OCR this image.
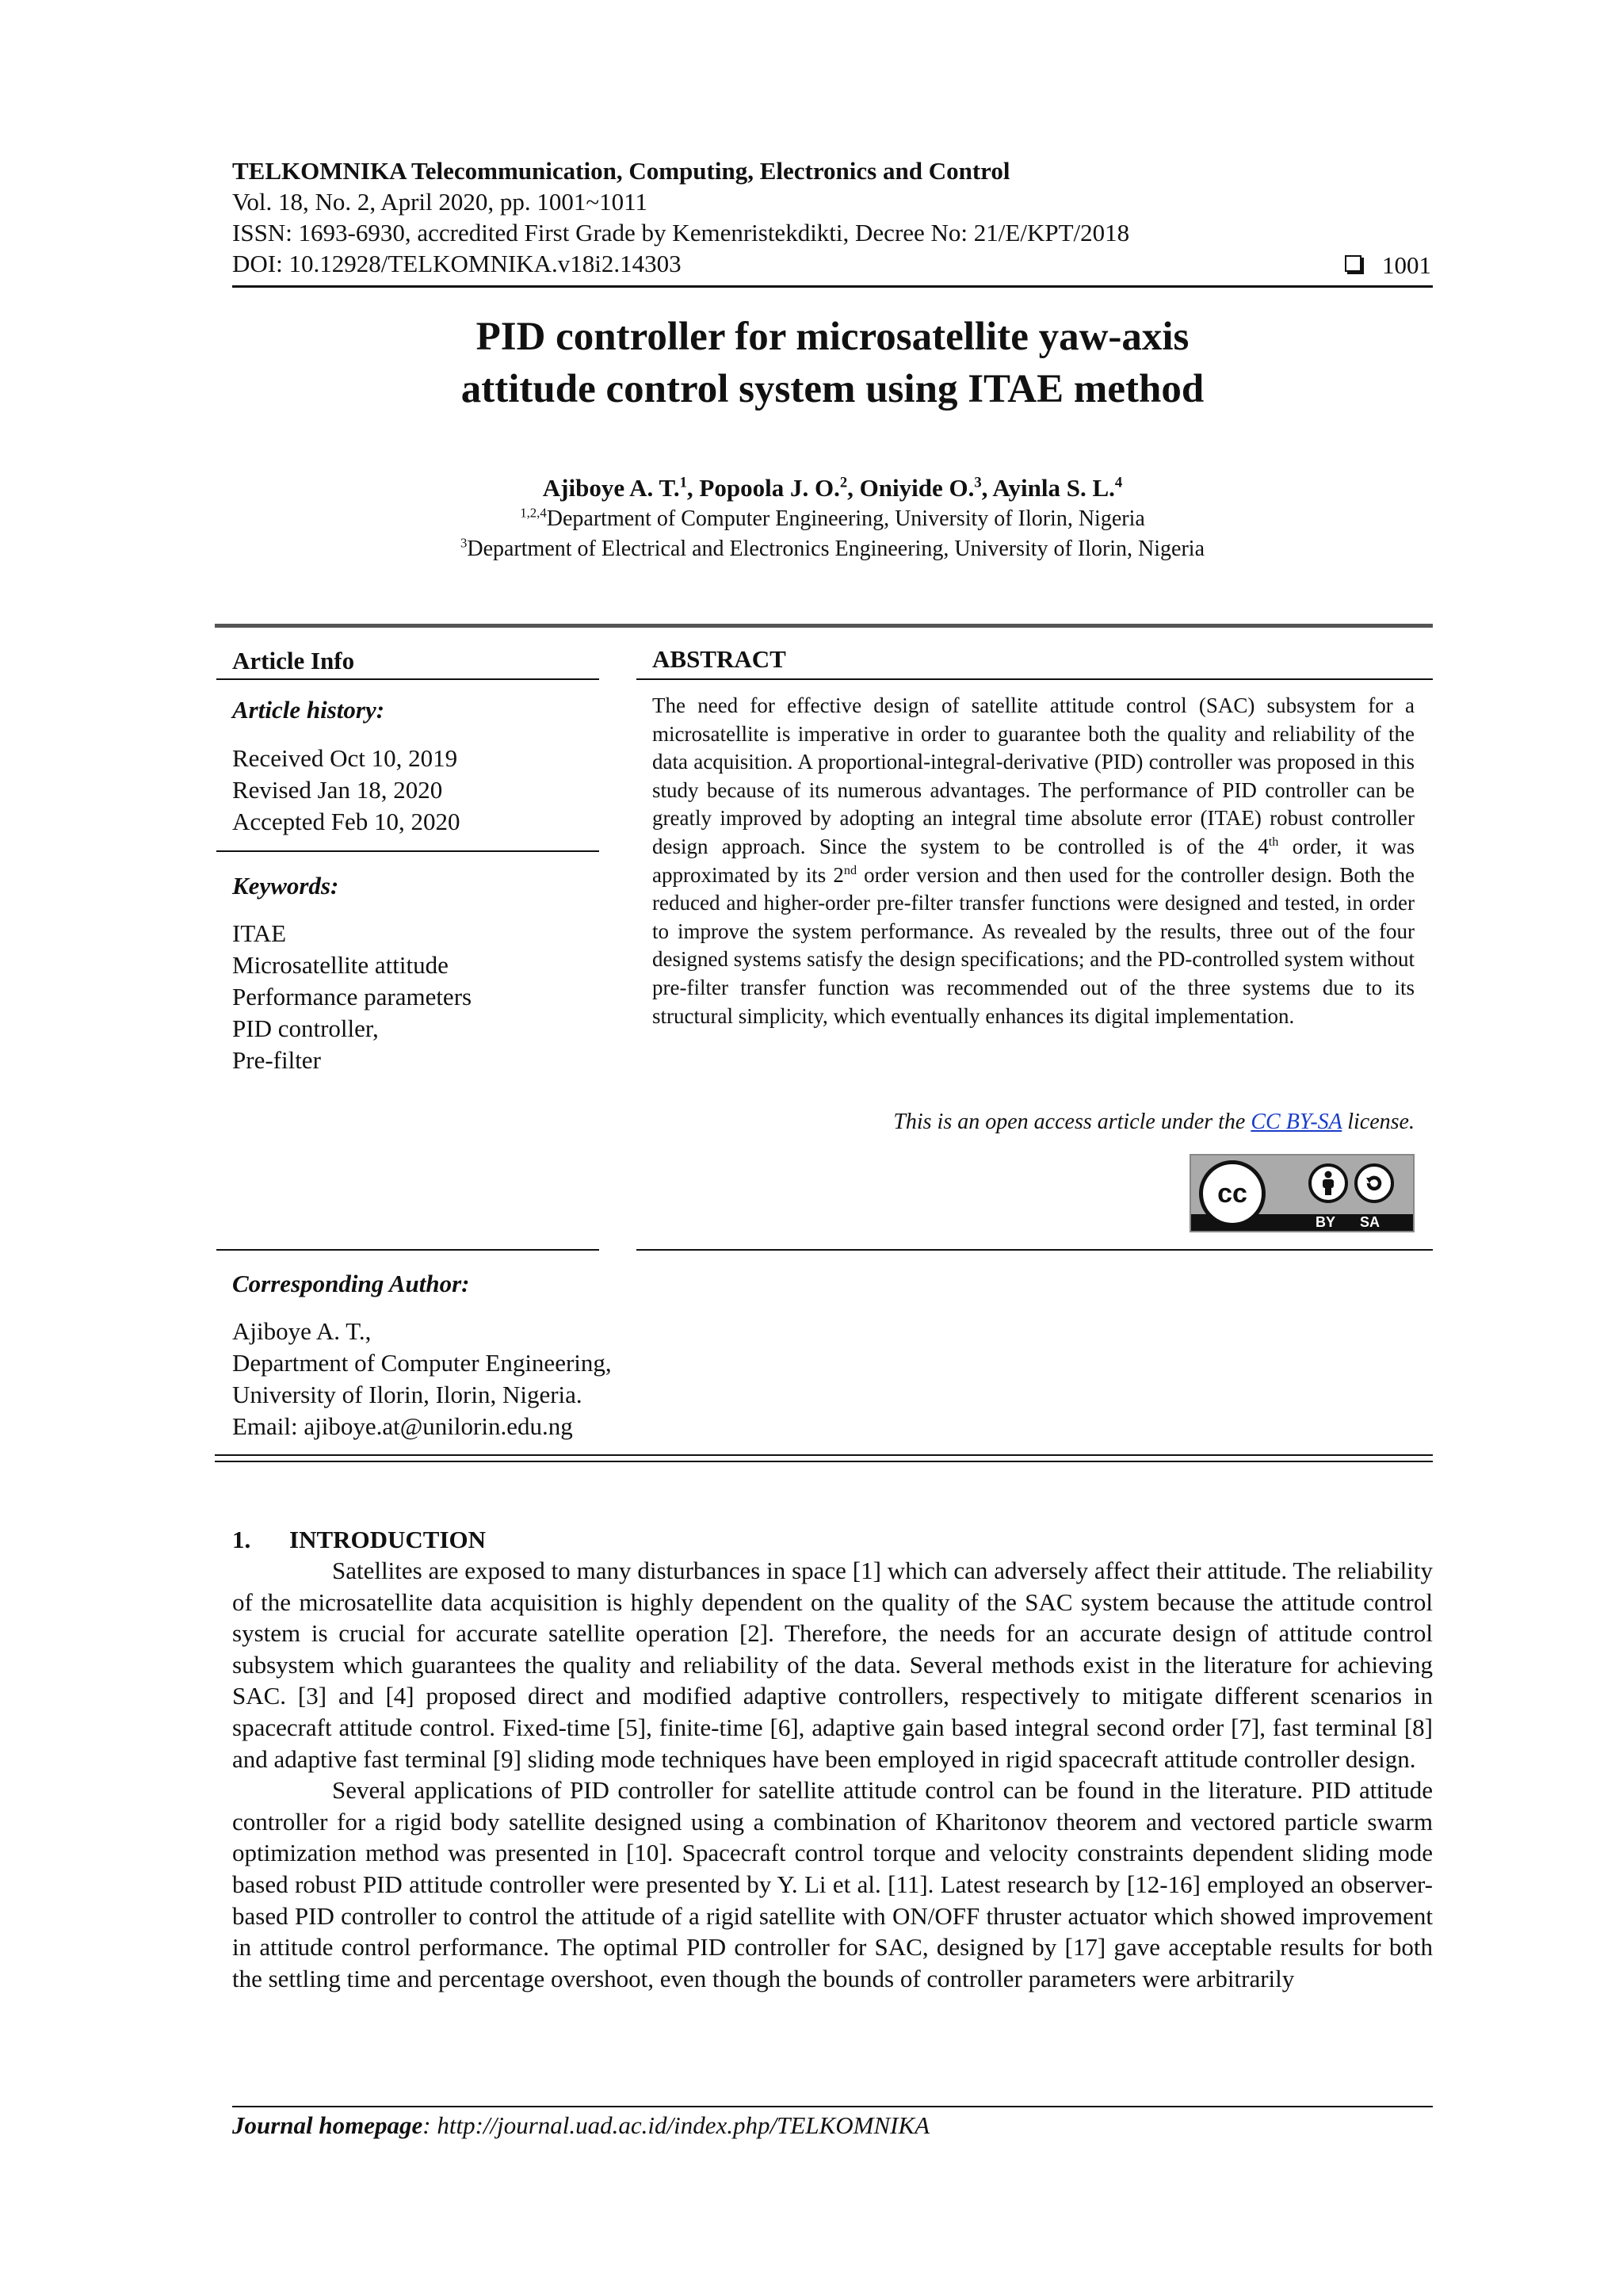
TELKOMNIKA Telecommunication, Computing, Electronics and Control
Vol. 18, No. 2, April 2020, pp. 1001~1011
ISSN: 1693-6930, accredited First Grade by Kemenristekdikti, Decree No: 21/E/KPT/2018
DOI: 10.12928/TELKOMNIKA.v18i2.14303	1001
PID controller for microsatellite yaw-axis
attitude control system using ITAE method
Ajiboye A. T.$^1$, Popoola J. O.$^2$, Oniyide O.$^3$, Ayinla S. L.$^4$
$^{1,2,4}$Department of Computer Engineering, University of Ilorin, Nigeria
$^3$Department of Electrical and Electronics Engineering, University of Ilorin, Nigeria
Article Info
Article history:
Received Oct 10, 2019
Revised Jan 18, 2020
Accepted Feb 10, 2020
Keywords:
ITAE
Microsatellite attitude
Performance parameters
PID controller,
Pre-filter
ABSTRACT
The need for effective design of satellite attitude control (SAC) subsystem for a microsatellite is imperative in order to guarantee both the quality and reliability of the data acquisition. A proportional-integral-derivative (PID) controller was proposed in this study because of its numerous advantages. The performance of PID controller can be greatly improved by adopting an integral time absolute error (ITAE) robust controller design approach. Since the system to be controlled is of the 4th order, it was approximated by its 2nd order version and then used for the controller design. Both the reduced and higher-order pre-filter transfer functions were designed and tested, in order to improve the system performance. As revealed by the results, three out of the four designed systems satisfy the design specifications; and the PD-controlled system without pre-filter transfer function was recommended out of the three systems due to its structural simplicity, which eventually enhances its digital implementation.
This is an open access article under the CC BY-SA license.
cc
BY SA
Corresponding Author:
Ajiboye A. T.,
Department of Computer Engineering,
University of Ilorin, Ilorin, Nigeria.
Email: ajiboye.at@unilorin.edu.ng
1. INTRODUCTION

Satellites are exposed to many disturbances in space [1] which can adversely affect their attitude. The reliability of the microsatellite data acquisition is highly dependent on the quality of the SAC system because the attitude control system is crucial for accurate satellite operation [2]. Therefore, the needs for an accurate design of attitude control subsystem which guarantees the quality and reliability of the data. Several methods exist in the literature for achieving SAC. [3] and [4] proposed direct and modified adaptive controllers, respectively to mitigate different scenarios in spacecraft attitude control. Fixed-time [5], finite-time [6], adaptive gain based integral second order [7], fast terminal [8] and adaptive fast terminal [9] sliding mode techniques have been employed in rigid spacecraft attitude controller design.

Several applications of PID controller for satellite attitude control can be found in the literature. PID attitude controller for a rigid body satellite designed using a combination of Kharitonov theorem and vectored particle swarm optimization method was presented in [10]. Spacecraft control torque and velocity constraints dependent sliding mode based robust PID attitude controller were presented by Y. Li et al. [11]. Latest research by [12-16] employed an observer-based PID controller to control the attitude of a rigid satellite with ON/OFF thruster actuator which showed improvement in attitude control performance. The optimal PID controller for SAC, designed by [17] gave acceptable results for both the settling time and percentage overshoot, even though the bounds of controller parameters were arbitrarily

Journal homepage: http://journal.uad.ac.id/index.php/TELKOMNIKA
